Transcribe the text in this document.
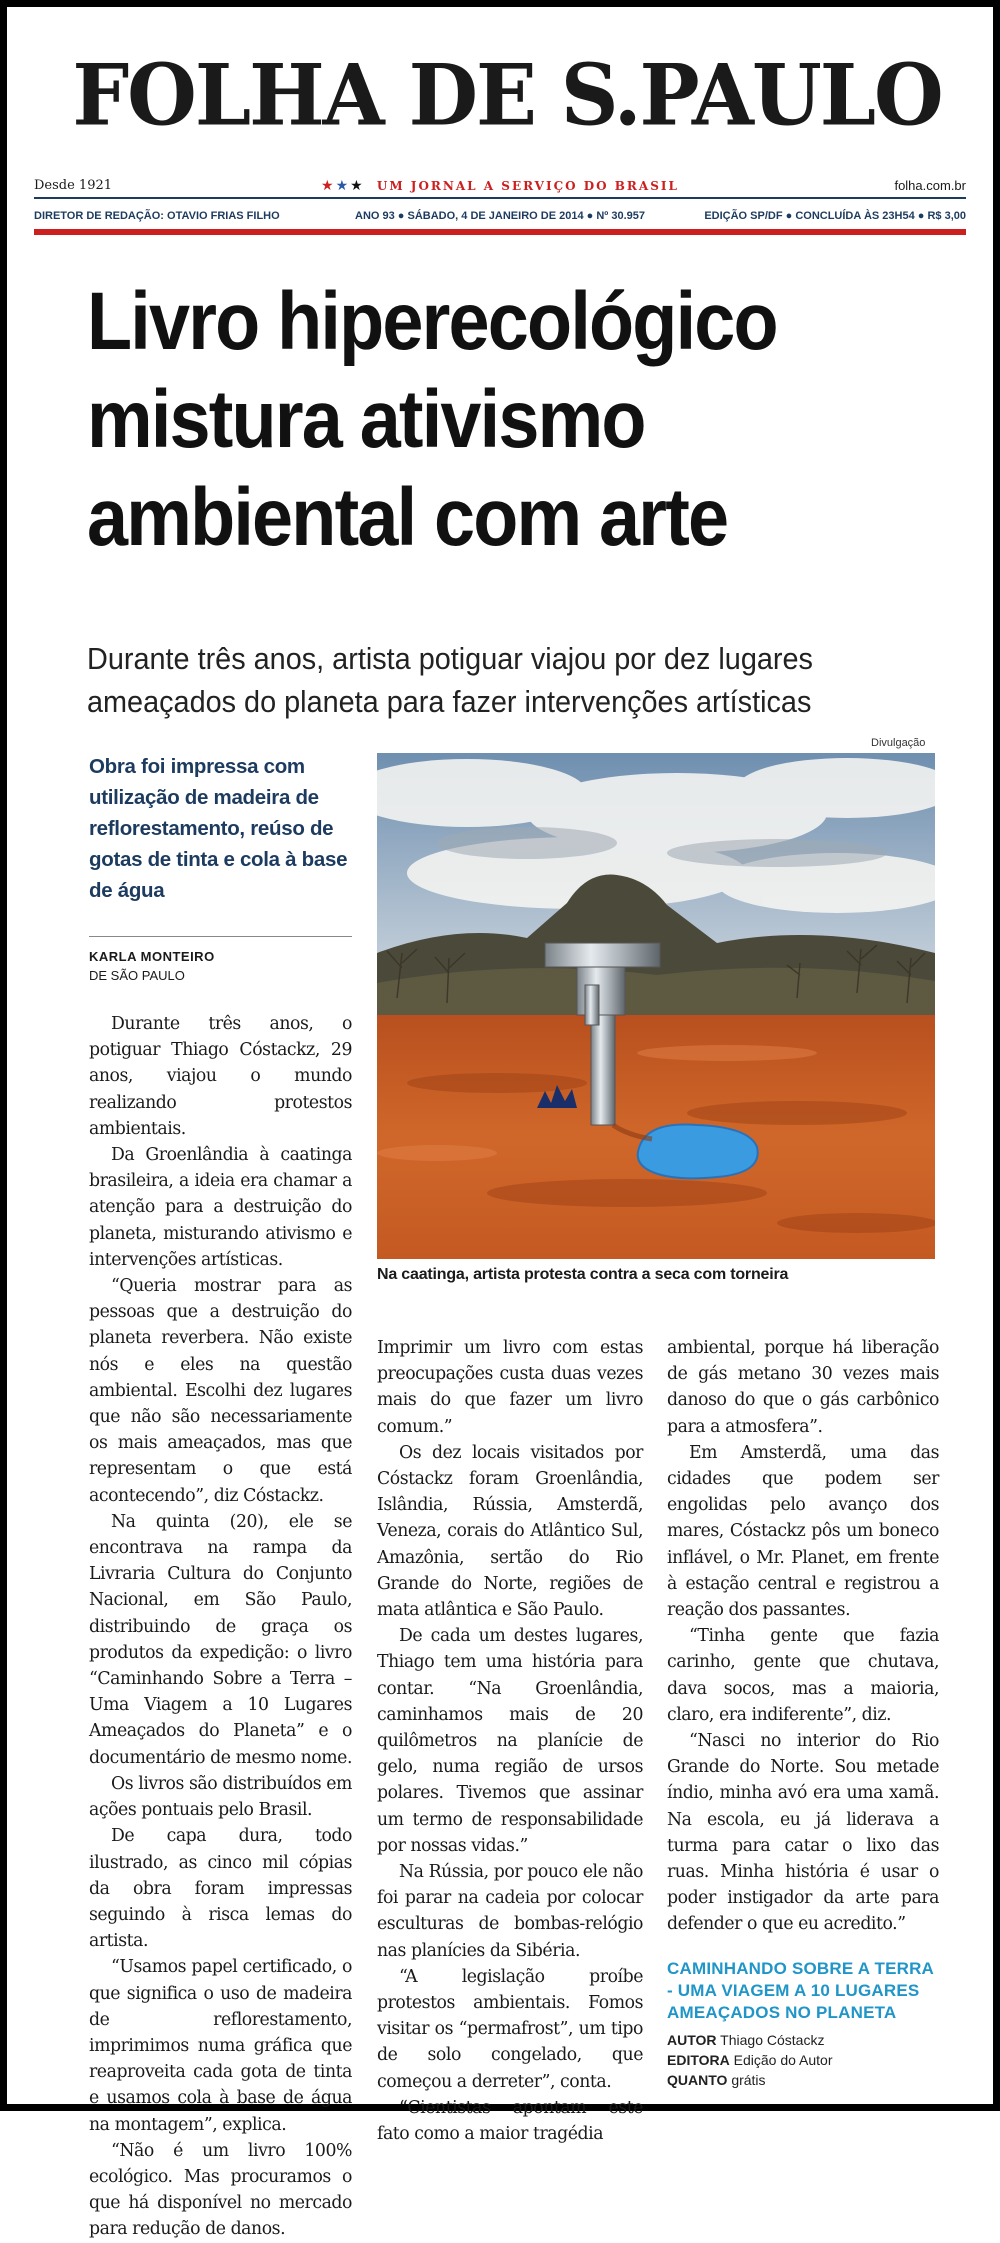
FOLHA DE S.PAULO
Desde 1921	★★★ UM JORNAL A SERVIÇO DO BRASIL	folha.com.br
DIRETOR DE REDAÇÃO: OTAVIO FRIAS FILHO	ANO 93 ● SÁBADO, 4 DE JANEIRO DE 2014 ● Nº 30.957	EDIÇÃO SP/DF ● CONCLUÍDA ÀS 23H54 ● R$ 3,00
Livro hiperecológico
mistura ativismo
ambiental com arte

Durante três anos, artista potiguar viajou por dez lugares ameaçados do planeta para fazer intervenções artísticas

Obra foi impressa com utilização de madeira de reflorestamento, reúso de gotas de tinta e cola à base de água

KARLA MONTEIRO
DE SÃO PAULO

Durante três anos, o potiguar Thiago Cóstackz, 29 anos, viajou o mundo realizando protestos ambientais.

Da Groenlândia à caatinga brasileira, a ideia era chamar a atenção para a destruição do planeta, misturando ativismo e intervenções artísticas.

“Queria mostrar para as pessoas que a destruição do planeta reverbera. Não existe nós e eles na questão ambiental. Escolhi dez lugares que não são necessariamente os mais ameaçados, mas que representam o que está acontecendo”, diz Cóstackz.

Na quinta (20), ele se encontrava na rampa da Livraria Cultura do Conjunto Nacional, em São Paulo, distribuindo de graça os produtos da expedição: o livro “Caminhando Sobre a Terra – Uma Viagem a 10 Lugares Ameaçados do Planeta” e o documentário de mesmo nome.

Os livros são distribuídos em ações pontuais pelo Brasil.

De capa dura, todo ilustrado, as cinco mil cópias da obra foram impressas seguindo à risca lemas do artista.

“Usamos papel certificado, o que significa o uso de madeira de reflorestamento, imprimimos numa gráfica que reaproveita cada gota de tinta e usamos cola à base de água na montagem”, explica.

“Não é um livro 100% ecológico. Mas procuramos o que há disponível no mercado para redução de danos.

Divulgação
Na caatinga, artista protesta contra a seca com torneira

Imprimir um livro com estas preocupações custa duas vezes mais do que fazer um livro comum.”

Os dez locais visitados por Cóstackz foram Groenlândia, Islândia, Rússia, Amsterdã, Veneza, corais do Atlântico Sul, Amazônia, sertão do Rio Grande do Norte, regiões de mata atlântica e São Paulo.

De cada um destes lugares, Thiago tem uma história para contar. “Na Groenlândia, caminhamos mais de 20 quilômetros na planície de gelo, numa região de ursos polares. Tivemos que assinar um termo de responsabilidade por nossas vidas.”

Na Rússia, por pouco ele não foi parar na cadeia por colocar esculturas de bombas-relógio nas planícies da Sibéria.

“A legislação proíbe protestos ambientais. Fomos visitar os “permafrost”, um tipo de solo congelado, que começou a derreter”, conta.

“Cientistas apontam este fato como a maior tragédia

ambiental, porque há liberação de gás metano 30 vezes mais danoso do que o gás carbônico para a atmosfera”.

Em Amsterdã, uma das cidades que podem ser engolidas pelo avanço dos mares, Cóstackz pôs um boneco inflável, o Mr. Planet, em frente à estação central e registrou a reação dos passantes.

“Tinha gente que fazia carinho, gente que chutava, dava socos, mas a maioria, claro, era indiferente”, diz.

“Nasci no interior do Rio Grande do Norte. Sou metade índio, minha avó era uma xamã. Na escola, eu já liderava a turma para catar o lixo das ruas. Minha história é usar o poder instigador da arte para defender o que eu acredito.”

CAMINHANDO SOBRE A TERRA - UMA VIAGEM A 10 LUGARES AMEAÇADOS NO PLANETA

AUTOR Thiago Cóstackz
EDITORA Edição do Autor
QUANTO grátis
